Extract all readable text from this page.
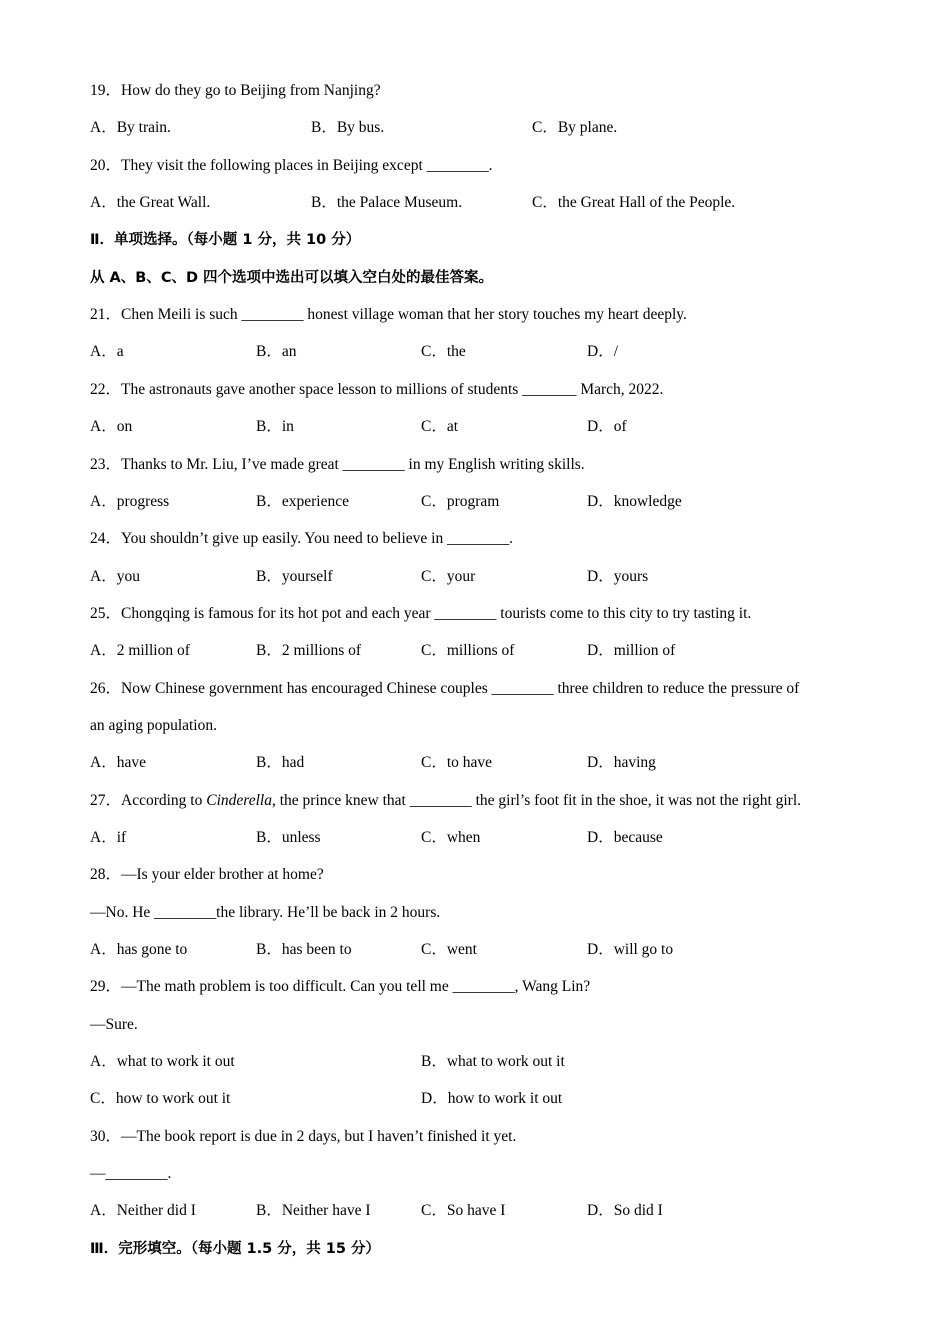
19．How do they go to Beijing from Nanjing?
A．By train.	B．By bus.	C．By plane.
20．They visit the following places in Beijing except ________.
A．the Great Wall.	B．the Palace Museum.	C．the Great Hall of the People.
Ⅱ．单项选择。（每小题 1 分，共 10 分）
从 A、B、C、D 四个选项中选出可以填入空白处的最佳答案。
21．Chen Meili is such ________ honest village woman that her story touches my heart deeply.
A．a	B．an	C．the	D．/
22．The astronauts gave another space lesson to millions of students _______ March, 2022.
A．on	B．in	C．at	D．of
23．Thanks to Mr. Liu, I’ve made great ________ in my English writing skills.
A．progress	B．experience	C．program	D．knowledge
24．You shouldn’t give up easily. You need to believe in ________.
A．you	B．yourself	C．your	D．yours
25．Chongqing is famous for its hot pot and each year ________ tourists come to this city to try tasting it.
A．2 million of	B．2 millions of	C．millions of	D．million of
26．Now Chinese government has encouraged Chinese couples ________ three children to reduce the pressure of
an aging population.
A．have	B．had	C．to have	D．having
27．According to Cinderella, the prince knew that ________ the girl’s foot fit in the shoe, it was not the right girl.
A．if	B．unless	C．when	D．because
28．—Is your elder brother at home?
—No. He ________the library. He’ll be back in 2 hours.
A．has gone to	B．has been to	C．went	D．will go to
29．—The math problem is too difficult. Can you tell me ________, Wang Lin?
—Sure.
A．what to work it out	B．what to work out it
C．how to work out it	D．how to work it out
30．—The book report is due in 2 days, but I haven’t finished it yet.
—________.
A．Neither did I	B．Neither have I	C．So have I	D．So did I
Ⅲ．完形填空。（每小题 1.5 分，共 15 分）
